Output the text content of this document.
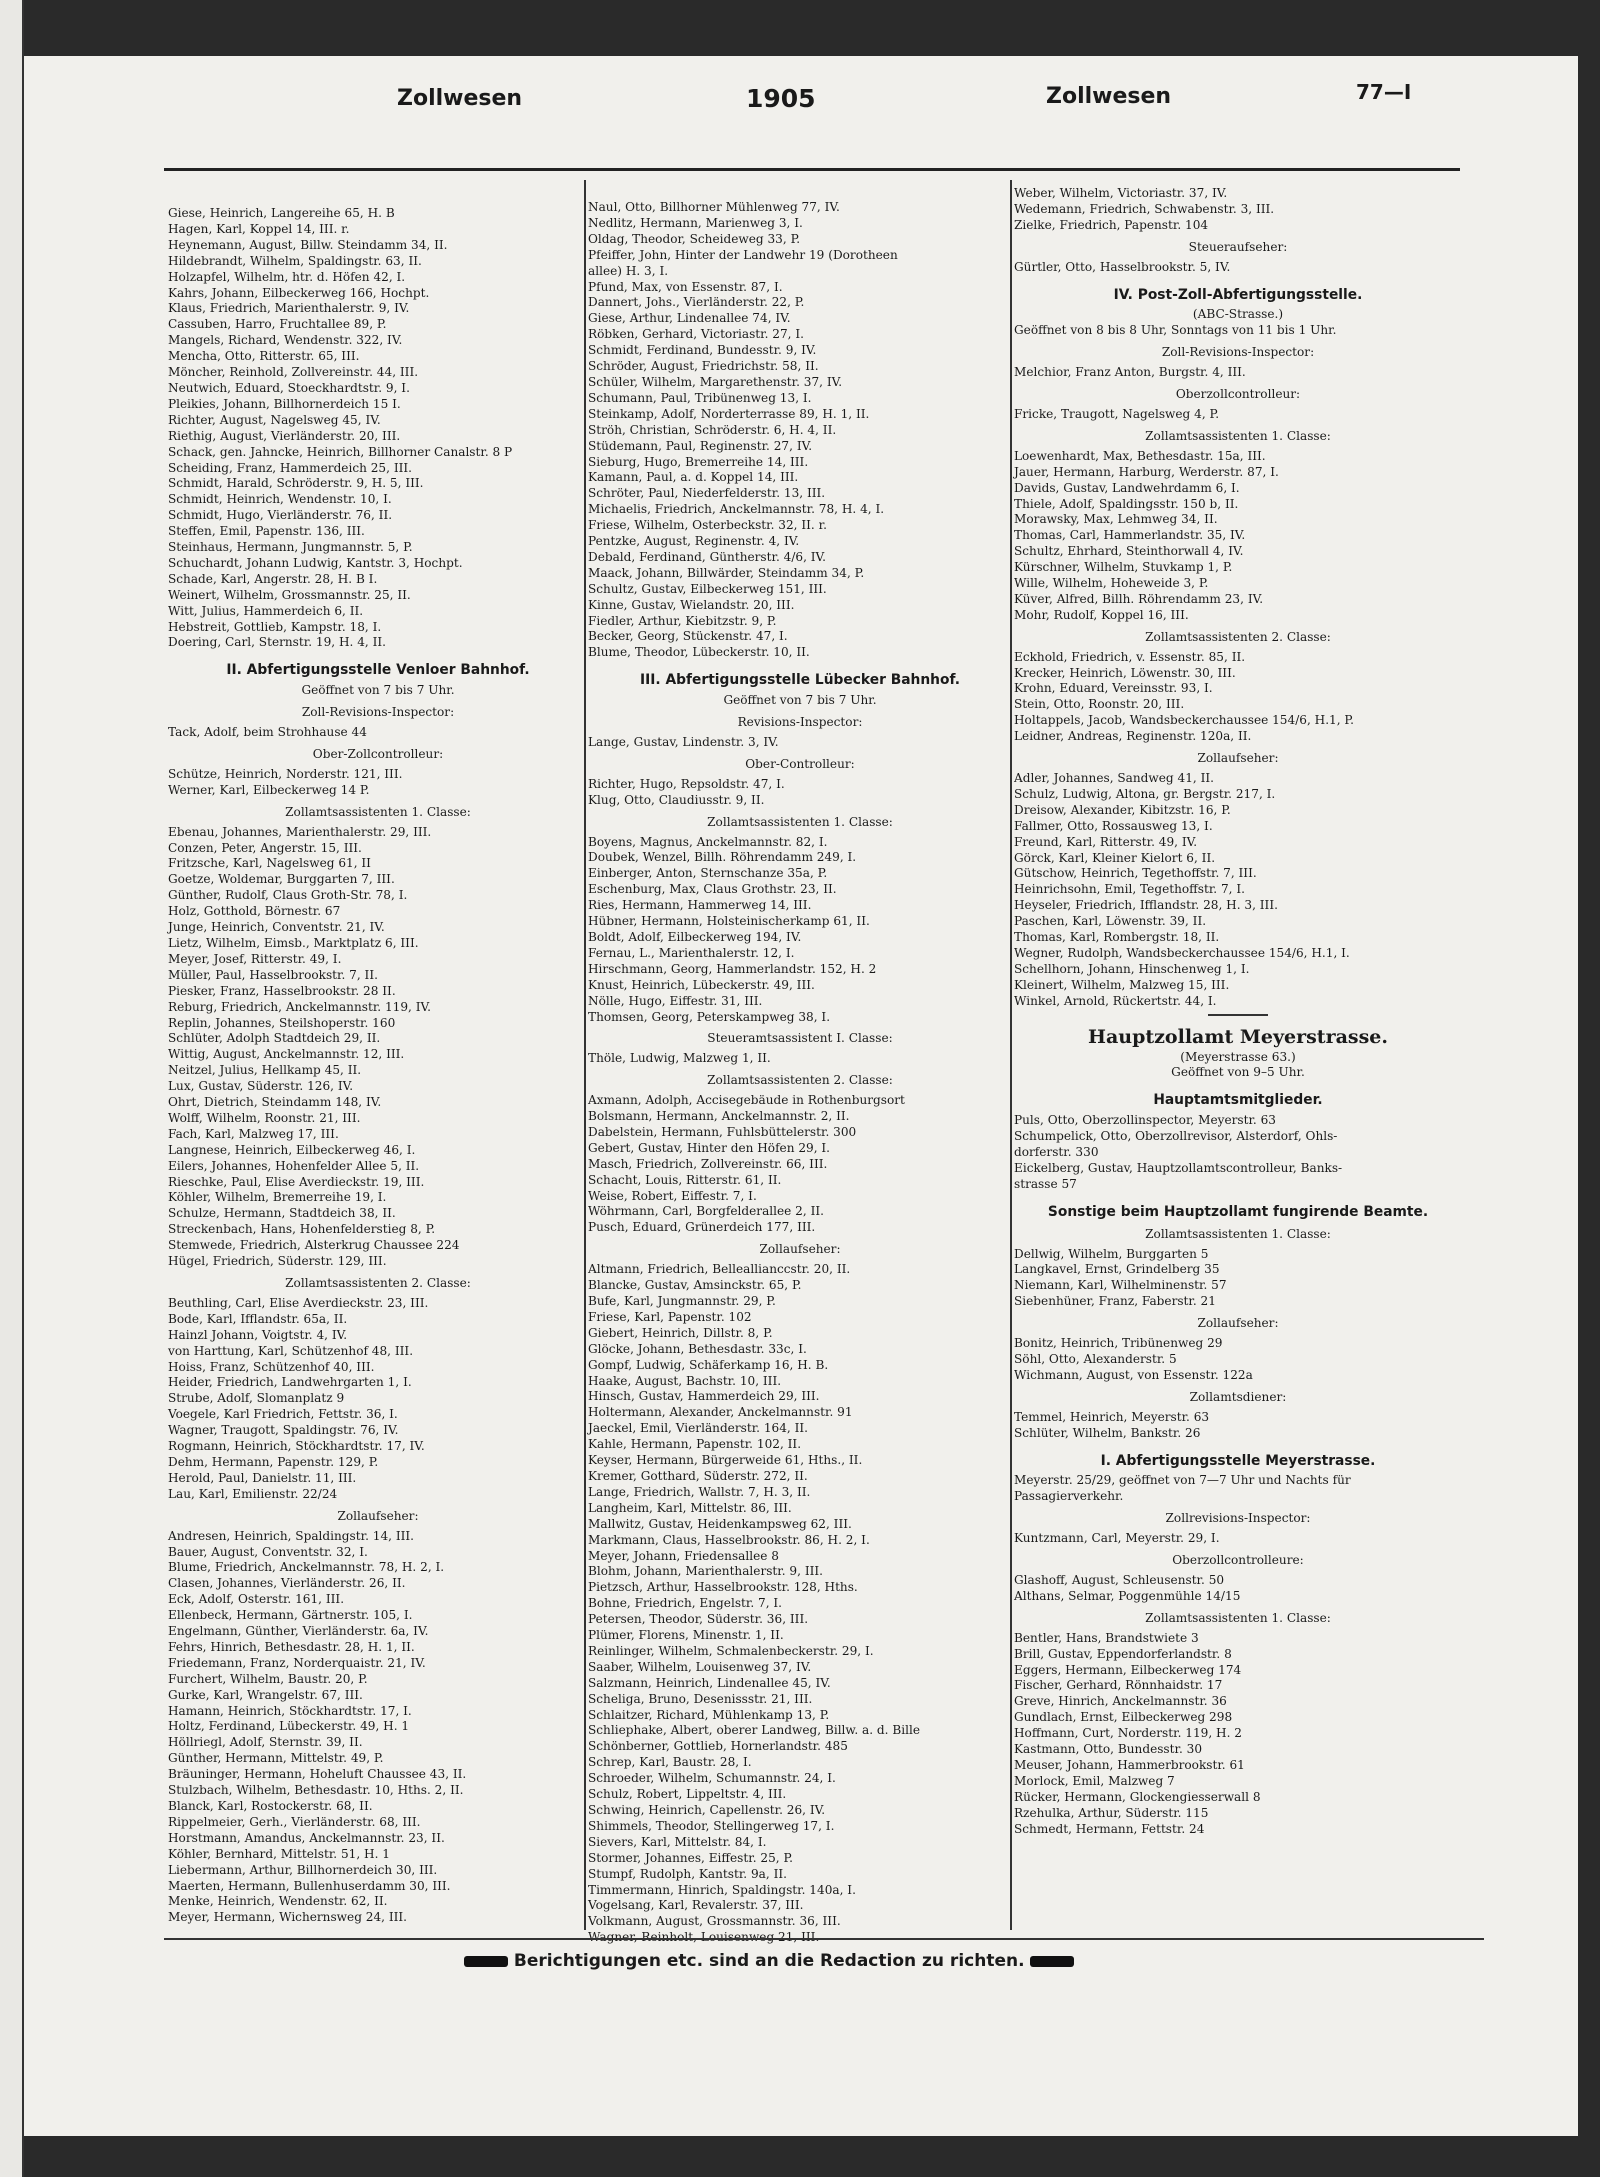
Zollwesen	1905	Zollwesen	77—I
Giese, Heinrich, Langereihe 65, H. B
Hagen, Karl, Koppel 14, III. r.
Heynemann, August, Billw. Steindamm 34, II.
Hildebrandt, Wilhelm, Spaldingstr. 63, II.
Holzapfel, Wilhelm, htr. d. Höfen 42, I.
Kahrs, Johann, Eilbeckerweg 166, Hochpt.
Klaus, Friedrich, Marienthalerstr. 9, IV.
Cassuben, Harro, Fruchtallee 89, P.
Mangels, Richard, Wendenstr. 322, IV.
Mencha, Otto, Ritterstr. 65, III.
Möncher, Reinhold, Zollvereinstr. 44, III.
Neutwich, Eduard, Stoeckhardtstr. 9, I.
Pleikies, Johann, Billhornerdeich 15 I.
Richter, August, Nagelsweg 45, IV.
Riethig, August, Vierländerstr. 20, III.
Schack, gen. Jahncke, Heinrich, Billhorner Canalstr. 8 P
Scheiding, Franz, Hammerdeich 25, III.
Schmidt, Harald, Schröderstr. 9, H. 5, III.
Schmidt, Heinrich, Wendenstr. 10, I.
Schmidt, Hugo, Vierländerstr. 76, II.
Steffen, Emil, Papenstr. 136, III.
Steinhaus, Hermann, Jungmannstr. 5, P.
Schuchardt, Johann Ludwig, Kantstr. 3, Hochpt.
Schade, Karl, Angerstr. 28, H. B I.
Weinert, Wilhelm, Grossmannstr. 25, II.
Witt, Julius, Hammerdeich 6, II.
Hebstreit, Gottlieb, Kampstr. 18, I.
Doering, Carl, Sternstr. 19, H. 4, II.
II. Abfertigungsstelle Venloer Bahnhof.
Geöffnet von 7 bis 7 Uhr.
Zoll-Revisions-Inspector:
Tack, Adolf, beim Strohhause 44
Ober-Zollcontrolleur:
Schütze, Heinrich, Norderstr. 121, III.
Werner, Karl, Eilbeckerweg 14 P.
Zollamtsassistenten 1. Classe:
Ebenau, Johannes, Marienthalerstr. 29, III.
Conzen, Peter, Angerstr. 15, III.
Fritzsche, Karl, Nagelsweg 61, II
Goetze, Woldemar, Burggarten 7, III.
Günther, Rudolf, Claus Groth-Str. 78, I.
Holz, Gotthold, Börnestr. 67
Junge, Heinrich, Conventstr. 21, IV.
Lietz, Wilhelm, Eimsb., Marktplatz 6, III.
Meyer, Josef, Ritterstr. 49, I.
Müller, Paul, Hasselbrookstr. 7, II.
Piesker, Franz, Hasselbrookstr. 28 II.
Reburg, Friedrich, Anckelmannstr. 119, IV.
Replin, Johannes, Steilshoperstr. 160
Schlüter, Adolph Stadtdeich 29, II.
Wittig, August, Anckelmannstr. 12, III.
Neitzel, Julius, Hellkamp 45, II.
Lux, Gustav, Süderstr. 126, IV.
Ohrt, Dietrich, Steindamm 148, IV.
Wolff, Wilhelm, Roonstr. 21, III.
Fach, Karl, Malzweg 17, III.
Langnese, Heinrich, Eilbeckerweg 46, I.
Eilers, Johannes, Hohenfelder Allee 5, II.
Rieschke, Paul, Elise Averdieckstr. 19, III.
Köhler, Wilhelm, Bremerreihe 19, I.
Schulze, Hermann, Stadtdeich 38, II.
Streckenbach, Hans, Hohenfelderstieg 8, P.
Stemwede, Friedrich, Alsterkrug Chaussee 224
Hügel, Friedrich, Süderstr. 129, III.
Zollamtsassistenten 2. Classe:
Beuthling, Carl, Elise Averdieckstr. 23, III.
Bode, Karl, Ifflandstr. 65a, II.
Hainzl Johann, Voigtstr. 4, IV.
von Harttung, Karl, Schützenhof 48, III.
Hoiss, Franz, Schützenhof 40, III.
Heider, Friedrich, Landwehrgarten 1, I.
Strube, Adolf, Slomanplatz 9
Voegele, Karl Friedrich, Fettstr. 36, I.
Wagner, Traugott, Spaldingstr. 76, IV.
Rogmann, Heinrich, Stöckhardtstr. 17, IV.
Dehm, Hermann, Papenstr. 129, P.
Herold, Paul, Danielstr. 11, III.
Lau, Karl, Emilienstr. 22/24
Zollaufseher:
Andresen, Heinrich, Spaldingstr. 14, III.
Bauer, August, Conventstr. 32, I.
Blume, Friedrich, Anckelmannstr. 78, H. 2, I.
Clasen, Johannes, Vierländerstr. 26, II.
Eck, Adolf, Osterstr. 161, III.
Ellenbeck, Hermann, Gärtnerstr. 105, I.
Engelmann, Günther, Vierländerstr. 6a, IV.
Fehrs, Hinrich, Bethesdastr. 28, H. 1, II.
Friedemann, Franz, Norderquaistr. 21, IV.
Furchert, Wilhelm, Baustr. 20, P.
Gurke, Karl, Wrangelstr. 67, III.
Hamann, Heinrich, Stöckhardtstr. 17, I.
Holtz, Ferdinand, Lübeckerstr. 49, H. 1
Höllriegl, Adolf, Sternstr. 39, II.
Günther, Hermann, Mittelstr. 49, P.
Bräuninger, Hermann, Hoheluft Chaussee 43, II.
Stulzbach, Wilhelm, Bethesdastr. 10, Hths. 2, II.
Blanck, Karl, Rostockerstr. 68, II.
Rippelmeier, Gerh., Vierländerstr. 68, III.
Horstmann, Amandus, Anckelmannstr. 23, II.
Köhler, Bernhard, Mittelstr. 51, H. 1
Liebermann, Arthur, Billhornerdeich 30, III.
Maerten, Hermann, Bullenhuserdamm 30, III.
Menke, Heinrich, Wendenstr. 62, II.
Meyer, Hermann, Wichernsweg 24, III.
Naul, Otto, Billhorner Mühlenweg 77, IV.
Nedlitz, Hermann, Marienweg 3, I.
Oldag, Theodor, Scheideweg 33, P.
Pfeiffer, John, Hinter der Landwehr 19 (Dorotheen
allee) H. 3, I.
Pfund, Max, von Essenstr. 87, I.
Dannert, Johs., Vierländerstr. 22, P.
Giese, Arthur, Lindenallee 74, IV.
Röbken, Gerhard, Victoriastr. 27, I.
Schmidt, Ferdinand, Bundesstr. 9, IV.
Schröder, August, Friedrichstr. 58, II.
Schüler, Wilhelm, Margarethenstr. 37, IV.
Schumann, Paul, Tribünenweg 13, I.
Steinkamp, Adolf, Norderterrasse 89, H. 1, II.
Ströh, Christian, Schröderstr. 6, H. 4, II.
Stüdemann, Paul, Reginenstr. 27, IV.
Sieburg, Hugo, Bremerreihe 14, III.
Kamann, Paul, a. d. Koppel 14, III.
Schröter, Paul, Niederfelderstr. 13, III.
Michaelis, Friedrich, Anckelmannstr. 78, H. 4, I.
Friese, Wilhelm, Osterbeckstr. 32, II. r.
Pentzke, August, Reginenstr. 4, IV.
Debald, Ferdinand, Güntherstr. 4/6, IV.
Maack, Johann, Billwärder, Steindamm 34, P.
Schultz, Gustav, Eilbeckerweg 151, III.
Kinne, Gustav, Wielandstr. 20, III.
Fiedler, Arthur, Kiebitzstr. 9, P.
Becker, Georg, Stückenstr. 47, I.
Blume, Theodor, Lübeckerstr. 10, II.
III. Abfertigungsstelle Lübecker Bahnhof.
Geöffnet von 7 bis 7 Uhr.
Revisions-Inspector:
Lange, Gustav, Lindenstr. 3, IV.
Ober-Controlleur:
Richter, Hugo, Repsoldstr. 47, I.
Klug, Otto, Claudiusstr. 9, II.
Zollamtsassistenten 1. Classe:
Boyens, Magnus, Anckelmannstr. 82, I.
Doubek, Wenzel, Billh. Röhrendamm 249, I.
Einberger, Anton, Sternschanze 35a, P.
Eschenburg, Max, Claus Grothstr. 23, II.
Ries, Hermann, Hammerweg 14, III.
Hübner, Hermann, Holsteinischerkamp 61, II.
Boldt, Adolf, Eilbeckerweg 194, IV.
Fernau, L., Marienthalerstr. 12, I.
Hirschmann, Georg, Hammerlandstr. 152, H. 2
Knust, Heinrich, Lübeckerstr. 49, III.
Nölle, Hugo, Eiffestr. 31, III.
Thomsen, Georg, Peterskampweg 38, I.
Steueramtsassistent I. Classe:
Thöle, Ludwig, Malzweg 1, II.
Zollamtsassistenten 2. Classe:
Axmann, Adolph, Accisegebäude in Rothenburgsort
Bolsmann, Hermann, Anckelmannstr. 2, II.
Dabelstein, Hermann, Fuhlsbüttelerstr. 300
Gebert, Gustav, Hinter den Höfen 29, I.
Masch, Friedrich, Zollvereinstr. 66, III.
Schacht, Louis, Ritterstr. 61, II.
Weise, Robert, Eiffestr. 7, I.
Wöhrmann, Carl, Borgfelderallee 2, II.
Pusch, Eduard, Grünerdeich 177, III.
Zollaufseher:
Altmann, Friedrich, Belleallianccstr. 20, II.
Blancke, Gustav, Amsinckstr. 65, P.
Bufe, Karl, Jungmannstr. 29, P.
Friese, Karl, Papenstr. 102
Giebert, Heinrich, Dillstr. 8, P.
Glöcke, Johann, Bethesdastr. 33c, I.
Gompf, Ludwig, Schäferkamp 16, H. B.
Haake, August, Bachstr. 10, III.
Hinsch, Gustav, Hammerdeich 29, III.
Holtermann, Alexander, Anckelmannstr. 91
Jaeckel, Emil, Vierländerstr. 164, II.
Kahle, Hermann, Papenstr. 102, II.
Keyser, Hermann, Bürgerweide 61, Hths., II.
Kremer, Gotthard, Süderstr. 272, II.
Lange, Friedrich, Wallstr. 7, H. 3, II.
Langheim, Karl, Mittelstr. 86, III.
Mallwitz, Gustav, Heidenkampsweg 62, III.
Markmann, Claus, Hasselbrookstr. 86, H. 2, I.
Meyer, Johann, Friedensallee 8
Blohm, Johann, Marienthalerstr. 9, III.
Pietzsch, Arthur, Hasselbrookstr. 128, Hths.
Bohne, Friedrich, Engelstr. 7, I.
Petersen, Theodor, Süderstr. 36, III.
Plümer, Florens, Minenstr. 1, II.
Reinlinger, Wilhelm, Schmalenbeckerstr. 29, I.
Saaber, Wilhelm, Louisenweg 37, IV.
Salzmann, Heinrich, Lindenallee 45, IV.
Scheliga, Bruno, Desenissstr. 21, III.
Schlaitzer, Richard, Mühlenkamp 13, P.
Schliephake, Albert, oberer Landweg, Billw. a. d. Bille
Schönberner, Gottlieb, Hornerlandstr. 485
Schrep, Karl, Baustr. 28, I.
Schroeder, Wilhelm, Schumannstr. 24, I.
Schulz, Robert, Lippeltstr. 4, III.
Schwing, Heinrich, Capellenstr. 26, IV.
Shimmels, Theodor, Stellingerweg 17, I.
Sievers, Karl, Mittelstr. 84, I.
Stormer, Johannes, Eiffestr. 25, P.
Stumpf, Rudolph, Kantstr. 9a, II.
Timmermann, Hinrich, Spaldingstr. 140a, I.
Vogelsang, Karl, Revalerstr. 37, III.
Volkmann, August, Grossmannstr. 36, III.
Weber, Wilhelm, Victoriastr. 37, IV.
Wedemann, Friedrich, Schwabenstr. 3, III.
Zielke, Friedrich, Papenstr. 104
Steueraufseher:
Gürtler, Otto, Hasselbrookstr. 5, IV.
IV. Post-Zoll-Abfertigungsstelle.
(ABC-Strasse.)
Geöffnet von 8 bis 8 Uhr, Sonntags von 11 bis 1 Uhr.
Zoll-Revisions-Inspector:
Melchior, Franz Anton, Burgstr. 4, III.
Oberzollcontrolleur:
Fricke, Traugott, Nagelsweg 4, P.
Zollamtsassistenten 1. Classe:
Loewenhardt, Max, Bethesdastr. 15a, III.
Jauer, Hermann, Harburg, Werderstr. 87, I.
Davids, Gustav, Landwehrdamm 6, I.
Thiele, Adolf, Spaldingsstr. 150 b, II.
Morawsky, Max, Lehmweg 34, II.
Thomas, Carl, Hammerlandstr. 35, IV.
Schultz, Ehrhard, Steinthorwall 4, IV.
Kürschner, Wilhelm, Stuvkamp 1, P.
Wille, Wilhelm, Hoheweide 3, P.
Küver, Alfred, Billh. Röhrendamm 23, IV.
Mohr, Rudolf, Koppel 16, III.
Zollamtsassistenten 2. Classe:
Eckhold, Friedrich, v. Essenstr. 85, II.
Krecker, Heinrich, Löwenstr. 30, III.
Krohn, Eduard, Vereinsstr. 93, I.
Stein, Otto, Roonstr. 20, III.
Holtappels, Jacob, Wandsbeckerchaussee 154/6, H.1, P.
Leidner, Andreas, Reginenstr. 120a, II.
Zollaufseher:
Adler, Johannes, Sandweg 41, II.
Schulz, Ludwig, Altona, gr. Bergstr. 217, I.
Dreisow, Alexander, Kibitzstr. 16, P.
Fallmer, Otto, Rossausweg 13, I.
Freund, Karl, Ritterstr. 49, IV.
Görck, Karl, Kleiner Kielort 6, II.
Gütschow, Heinrich, Tegethoffstr. 7, III.
Heinrichsohn, Emil, Tegethoffstr. 7, I.
Heyseler, Friedrich, Ifflandstr. 28, H. 3, III.
Paschen, Karl, Löwenstr. 39, II.
Thomas, Karl, Rombergstr. 18, II.
Wegner, Rudolph, Wandsbeckerchaussee 154/6, H.1, I.
Schellhorn, Johann, Hinschenweg 1, I.
Kleinert, Wilhelm, Malzweg 15, III.
Winkel, Arnold, Rückertstr. 44, I.
Hauptzollamt Meyerstrasse.
(Meyerstrasse 63.)
Geöffnet von 9–5 Uhr.
Hauptamtsmitglieder.
Puls, Otto, Oberzollinspector, Meyerstr. 63
Schumpelick, Otto, Oberzollrevisor, Alsterdorf, Ohls-
dorferstr. 330
Eickelberg, Gustav, Hauptzollamtscontrolleur, Banks-
strasse 57
Sonstige beim Hauptzollamt fungirende Beamte.
Zollamtsassistenten 1. Classe:
Dellwig, Wilhelm, Burggarten 5
Langkavel, Ernst, Grindelberg 35
Niemann, Karl, Wilhelminenstr. 57
Siebenhüner, Franz, Faberstr. 21
Zollaufseher:
Bonitz, Heinrich, Tribünenweg 29
Söhl, Otto, Alexanderstr. 5
Wichmann, August, von Essenstr. 122a
Zollamtsdiener:
Temmel, Heinrich, Meyerstr. 63
Schlüter, Wilhelm, Bankstr. 26
I. Abfertigungsstelle Meyerstrasse.
Meyerstr. 25/29, geöffnet von 7—7 Uhr und Nachts für
Passagierverkehr.
Zollrevisions-Inspector:
Kuntzmann, Carl, Meyerstr. 29, I.
Oberzollcontrolleure:
Glashoff, August, Schleusenstr. 50
Althans, Selmar, Poggenmühle 14/15
Zollamtsassistenten 1. Classe:
Bentler, Hans, Brandstwiete 3
Brill, Gustav, Eppendorferlandstr. 8
Eggers, Hermann, Eilbeckerweg 174
Fischer, Gerhard, Rönnhaidstr. 17
Greve, Hinrich, Anckelmannstr. 36
Gundlach, Ernst, Eilbeckerweg 298
Hoffmann, Curt, Norderstr. 119, H. 2
Kastmann, Otto, Bundesstr. 30
Meuser, Johann, Hammerbrookstr. 61
Morlock, Emil, Malzweg 7
Rücker, Hermann, Glockengiesserwall 8
Rzehulka, Arthur, Süderstr. 115
Schmedt, Hermann, Fettstr. 24
Berichtigungen etc. sind an die Redaction zu richten.
